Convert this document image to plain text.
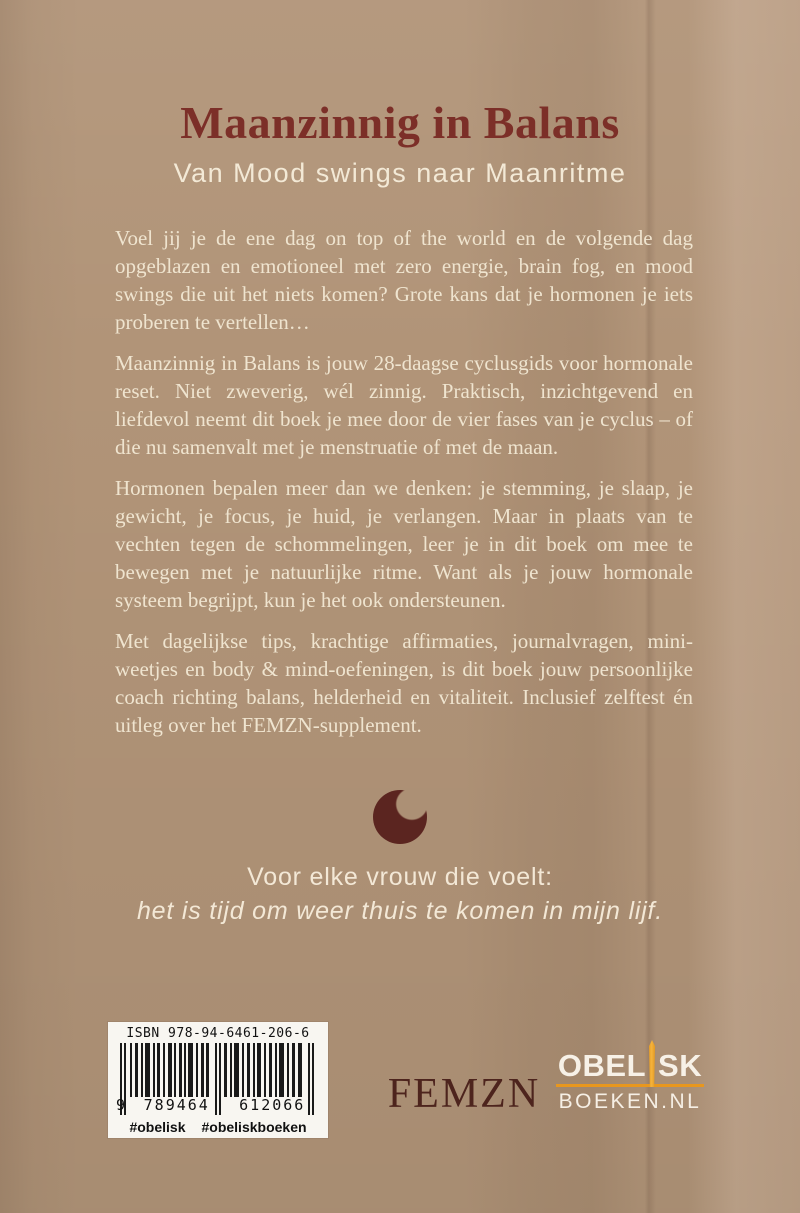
Maanzinnig in Balans
Van Mood swings naar Maanritme

Voel jij je de ene dag on top of the world en de volgende dag opgeblazen en emotioneel met zero energie, brain fog, en mood swings die uit het niets komen? Grote kans dat je hormonen je iets proberen te vertellen…

Maanzinnig in Balans is jouw 28-daagse cyclusgids voor hormonale reset. Niet zweverig, wél zinnig. Praktisch, inzichtgevend en liefdevol neemt dit boek je mee door de vier fases van je cyclus – of die nu samenvalt met je menstruatie of met de maan.

Hormonen bepalen meer dan we denken: je stemming, je slaap, je gewicht, je focus, je huid, je verlangen. Maar in plaats van te vechten tegen de schommelingen, leer je in dit boek om mee te bewegen met je natuurlijke ritme. Want als je jouw hormonale systeem begrijpt, kun je het ook ondersteunen.

Met dagelijkse tips, krachtige affirmaties, journalvragen, mini-weetjes en body & mind-oefeningen, is dit boek jouw persoonlijke coach richting balans, helderheid en vitaliteit. Inclusief zelftest én uitleg over het FEMZN-supplement.

Voor elke vrouw die voelt:
het is tijd om weer thuis te komen in mijn lijf.
ISBN 978-94-6461-206-6
9	789464	612066
#obelisk #obeliskboeken
FEMZN
OBEL SK
BOEKEN.NL
